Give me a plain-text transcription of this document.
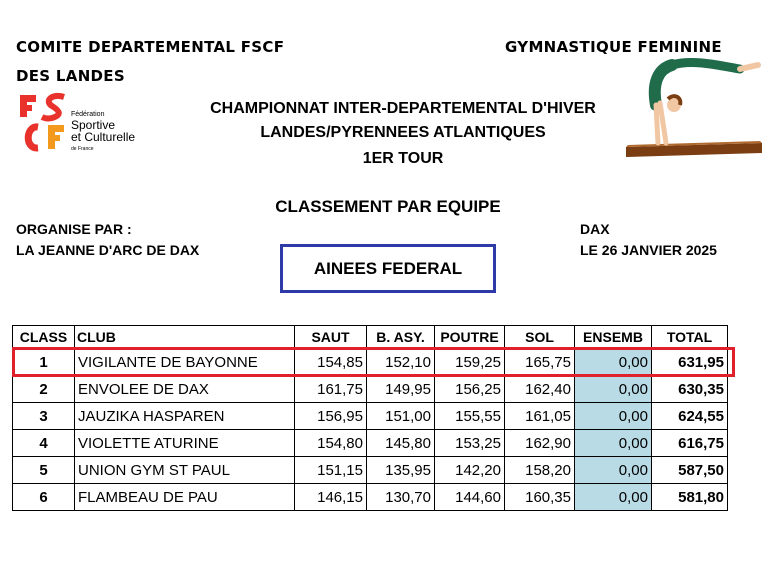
COMITE DEPARTEMENTAL FSCF
DES LANDES
GYMNASTIQUE FEMININE
Fédération
Sportive
et Culturelle
de France
CHAMPIONNAT INTER-DEPARTEMENTAL D'HIVER
LANDES/PYRENNEES ATLANTIQUES
1ER TOUR
CLASSEMENT PAR EQUIPE
ORGANISE PAR :
LA JEANNE D'ARC DE DAX
DAX
LE 26 JANVIER 2025
AINEES FEDERAL
CLASS	CLUB	SAUT	B. ASY.	POUTRE	SOL	ENSEMB	TOTAL
1	VIGILANTE DE BAYONNE	154,85	152,10	159,25	165,75	0,00	631,95
2	ENVOLEE DE DAX	161,75	149,95	156,25	162,40	0,00	630,35
3	JAUZIKA HASPAREN	156,95	151,00	155,55	161,05	0,00	624,55
4	VIOLETTE ATURINE	154,80	145,80	153,25	162,90	0,00	616,75
5	UNION GYM ST PAUL	151,15	135,95	142,20	158,20	0,00	587,50
6	FLAMBEAU DE PAU	146,15	130,70	144,60	160,35	0,00	581,80
